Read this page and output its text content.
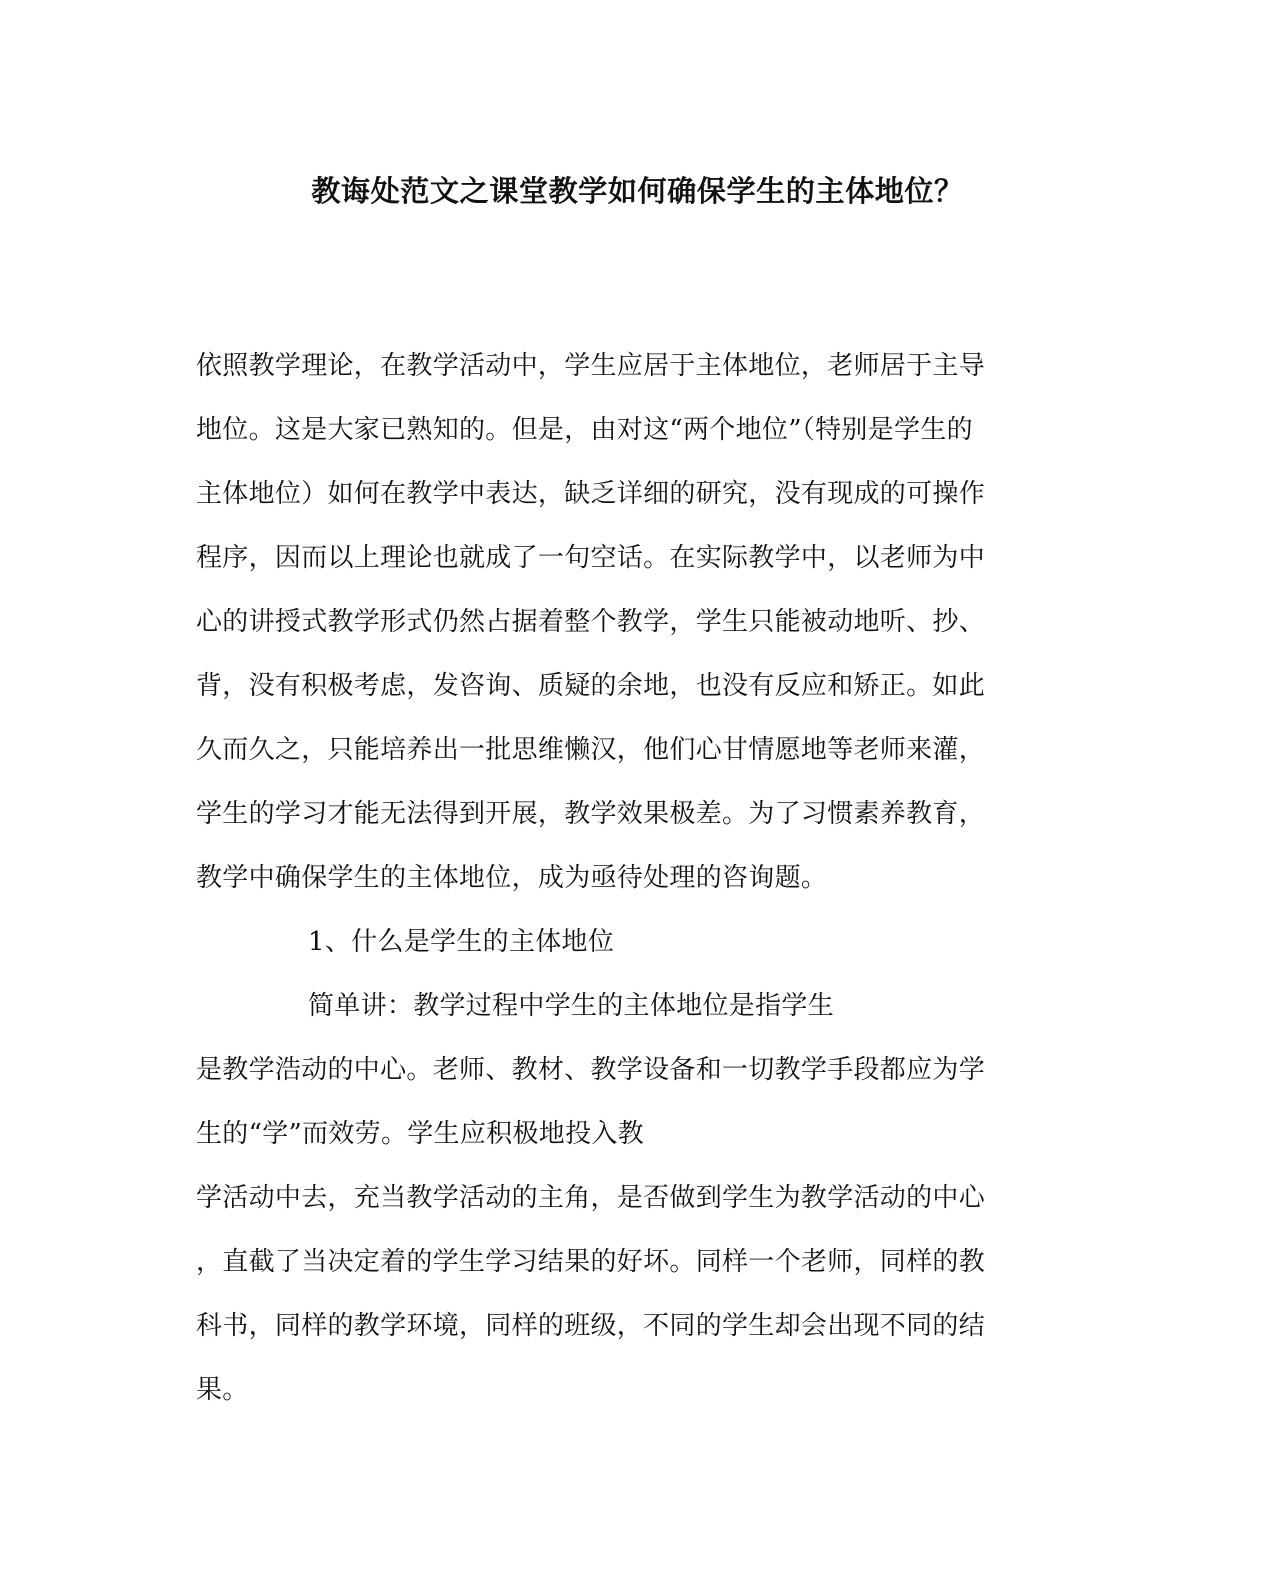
教诲处范文之课堂教学如何确保学生的主体地位？
依照教学理论，在教学活动中，学生应居于主体地位，老师居于主导
地位。这是大家已熟知的。但是，由对这“两个地位”（特别是学生的
主体地位）如何在教学中表达，缺乏详细的研究，没有现成的可操作
程序，因而以上理论也就成了一句空话。在实际教学中，以老师为中
心的讲授式教学形式仍然占据着整个教学，学生只能被动地听、抄、
背，没有积极考虑，发咨询、质疑的余地，也没有反应和矫正。如此
久而久之，只能培养出一批思维懒汉，他们心甘情愿地等老师来灌，
学生的学习才能无法得到开展，教学效果极差。为了习惯素养教育，
教学中确保学生的主体地位，成为亟待处理的咨询题。
1、什么是学生的主体地位
简单讲：教学过程中学生的主体地位是指学生
是教学浩动的中心。老师、教材、教学设备和一切教学手段都应为学
生的“学”而效劳。学生应积极地投入教
学活动中去，充当教学活动的主角，是否做到学生为教学活动的中心
，直截了当决定着的学生学习结果的好坏。同样一个老师，同样的教
科书，同样的教学环境，同样的班级，不同的学生却会出现不同的结
果。
